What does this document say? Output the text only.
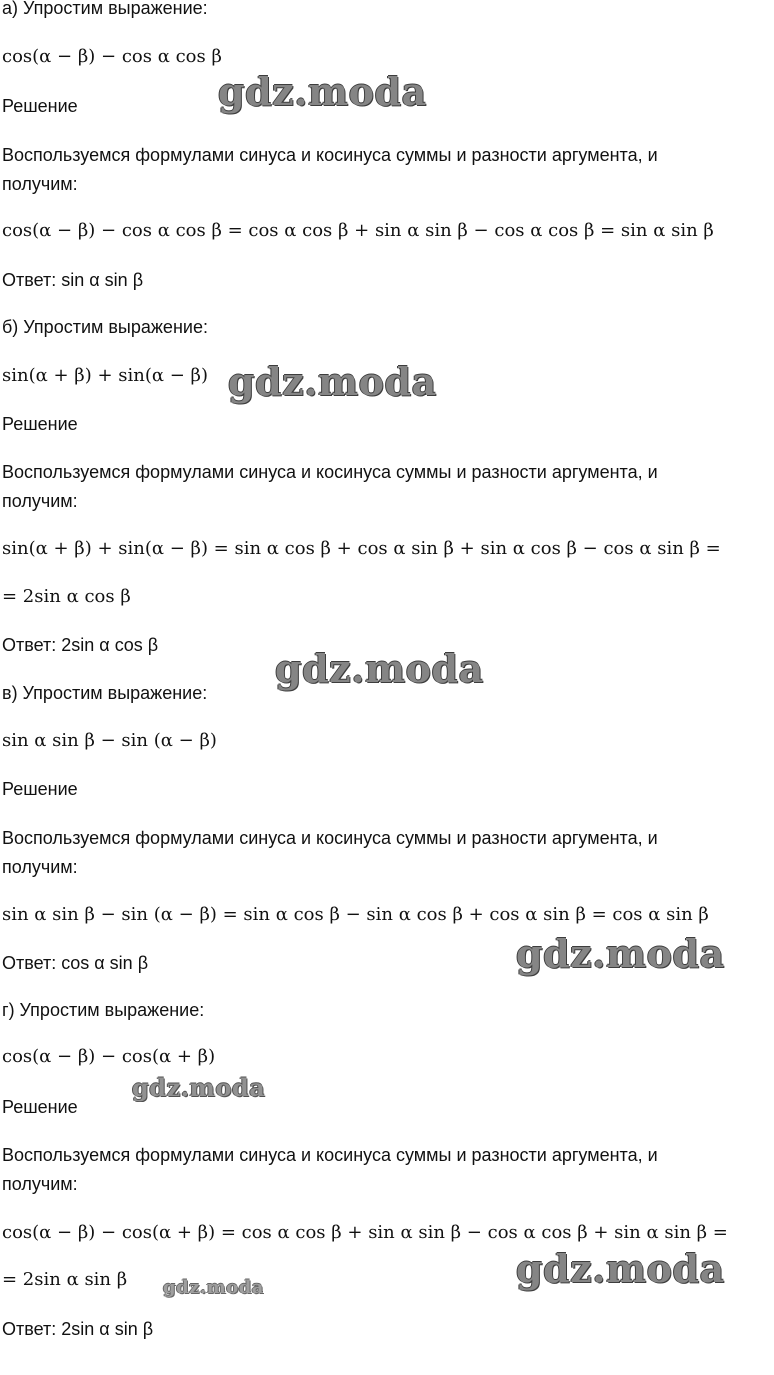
а) Упростим выражение:
cos(α − β) − cos α cos β
Решение
Воспользуемся формулами синуса и косинуса суммы и разности аргумента, и
получим:
cos(α − β) − cos α cos β = cos α cos β + sin α sin β − cos α cos β = sin α sin β
Ответ: sin α sin β
б) Упростим выражение:
sin(α + β) + sin(α − β)
Решение
Воспользуемся формулами синуса и косинуса суммы и разности аргумента, и
получим:
sin(α + β) + sin(α − β) = sin α cos β + cos α sin β + sin α cos β − cos α sin β =
= 2sin α cos β
Ответ: 2sin α cos β
в) Упростим выражение:
sin α sin β − sin (α − β)
Решение
Воспользуемся формулами синуса и косинуса суммы и разности аргумента, и
получим:
sin α sin β − sin (α − β) = sin α cos β − sin α cos β + cos α sin β = cos α sin β
Ответ: cos α sin β
г) Упростим выражение:
cos(α − β) − cos(α + β)
Решение
Воспользуемся формулами синуса и косинуса суммы и разности аргумента, и
получим:
cos(α − β) − cos(α + β) = cos α cos β + sin α sin β − cos α cos β + sin α sin β =
= 2sin α sin β
Ответ: 2sin α sin β
gdz.moda
gdz.moda
gdz.moda
gdz.moda
gdz.moda
gdz.moda
gdz.moda
